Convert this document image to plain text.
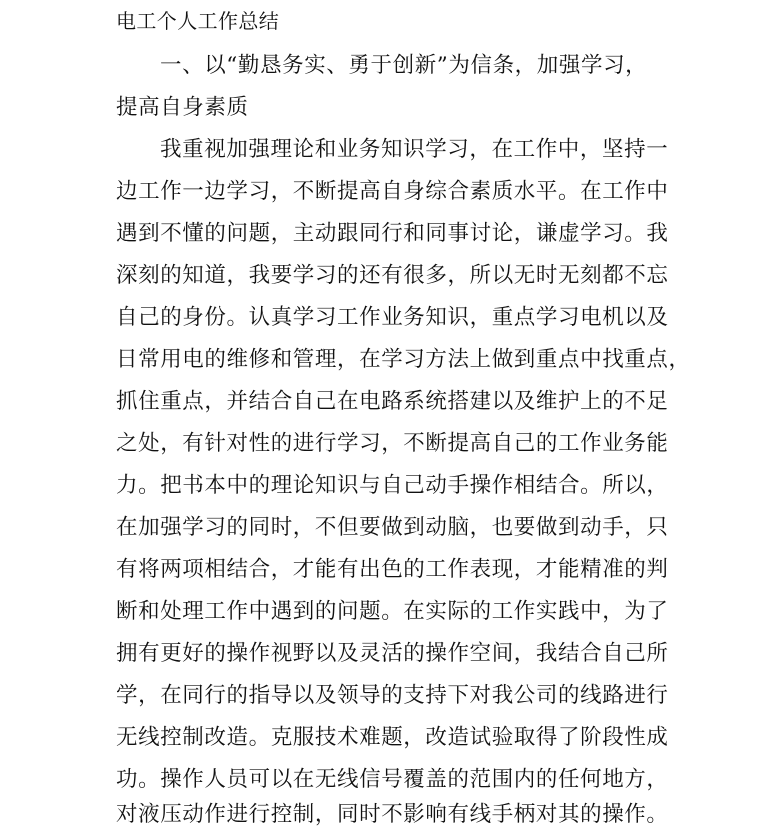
电工个人工作总结
一、以“勤恳务实、勇于创新”为信条，加强学习，
提高自身素质
我重视加强理论和业务知识学习，在工作中，坚持一
边工作一边学习，不断提高自身综合素质水平。在工作中
遇到不懂的问题，主动跟同行和同事讨论，谦虚学习。我
深刻的知道，我要学习的还有很多，所以无时无刻都不忘
自己的身份。认真学习工作业务知识，重点学习电机以及
日常用电的维修和管理，在学习方法上做到重点中找重点，
抓住重点，并结合自己在电路系统搭建以及维护上的不足
之处，有针对性的进行学习，不断提高自己的工作业务能
力。把书本中的理论知识与自己动手操作相结合。所以，
在加强学习的同时，不但要做到动脑，也要做到动手，只
有将两项相结合，才能有出色的工作表现，才能精准的判
断和处理工作中遇到的问题。在实际的工作实践中，为了
拥有更好的操作视野以及灵活的操作空间，我结合自己所
学，在同行的指导以及领导的支持下对我公司的线路进行
无线控制改造。克服技术难题，改造试验取得了阶段性成
功。操作人员可以在无线信号覆盖的范围内的任何地方，
对液压动作进行控制，同时不影响有线手柄对其的操作。
